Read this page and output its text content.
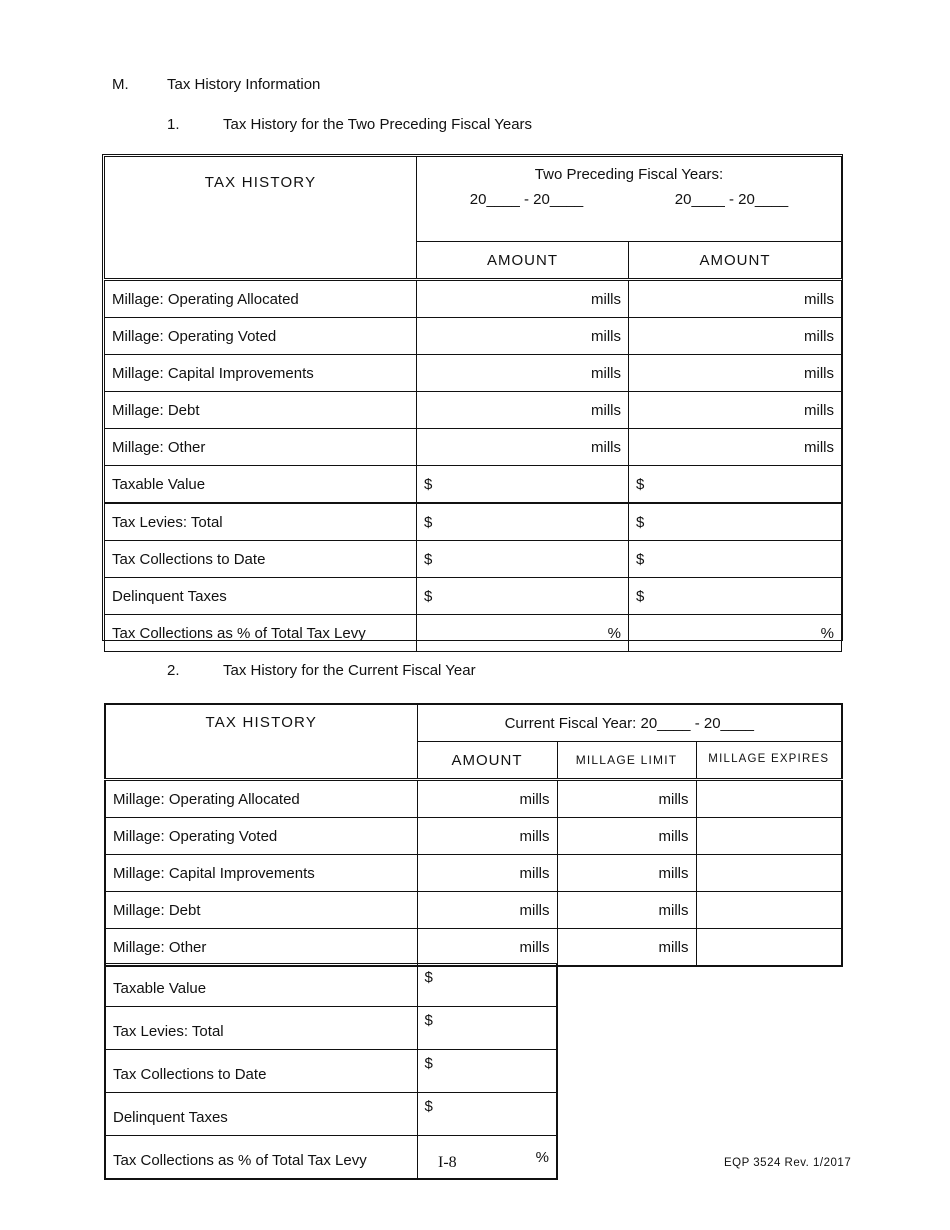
M.	Tax History Information
1.	Tax History for the Two Preceding Fiscal Years
TAX HISTORY	Two Preceding Fiscal Years:
20____ - 20____ 20____ - 20____	

	AMOUNT	AMOUNT
Millage: Operating Allocated	mills	mills
Millage: Operating Voted	mills	mills
Millage: Capital Improvements	mills	mills
Millage: Debt	mills	mills
Millage: Other	mills	mills
Taxable Value	$	$
Tax Levies: Total	$	$
Tax Collections to Date	$	$
Delinquent Taxes	$	$
Tax Collections as % of Total Tax Levy	%	%
2.	Tax History for the Current Fiscal Year
TAX HISTORY	Current Fiscal Year: 20____ - 20____		
	AMOUNT	MILLAGE LIMIT	MILLAGE EXPIRES
Millage: Operating Allocated	mills	mills	
Millage: Operating Voted	mills	mills	
Millage: Capital Improvements	mills	mills	
Millage: Debt	mills	mills	
Millage: Other	mills	mills	
Taxable Value	$
Tax Levies: Total	$
Tax Collections to Date	$
Delinquent Taxes	$
Tax Collections as % of Total Tax Levy	%
I-8	EQP 3524 Rev. 1/2017
